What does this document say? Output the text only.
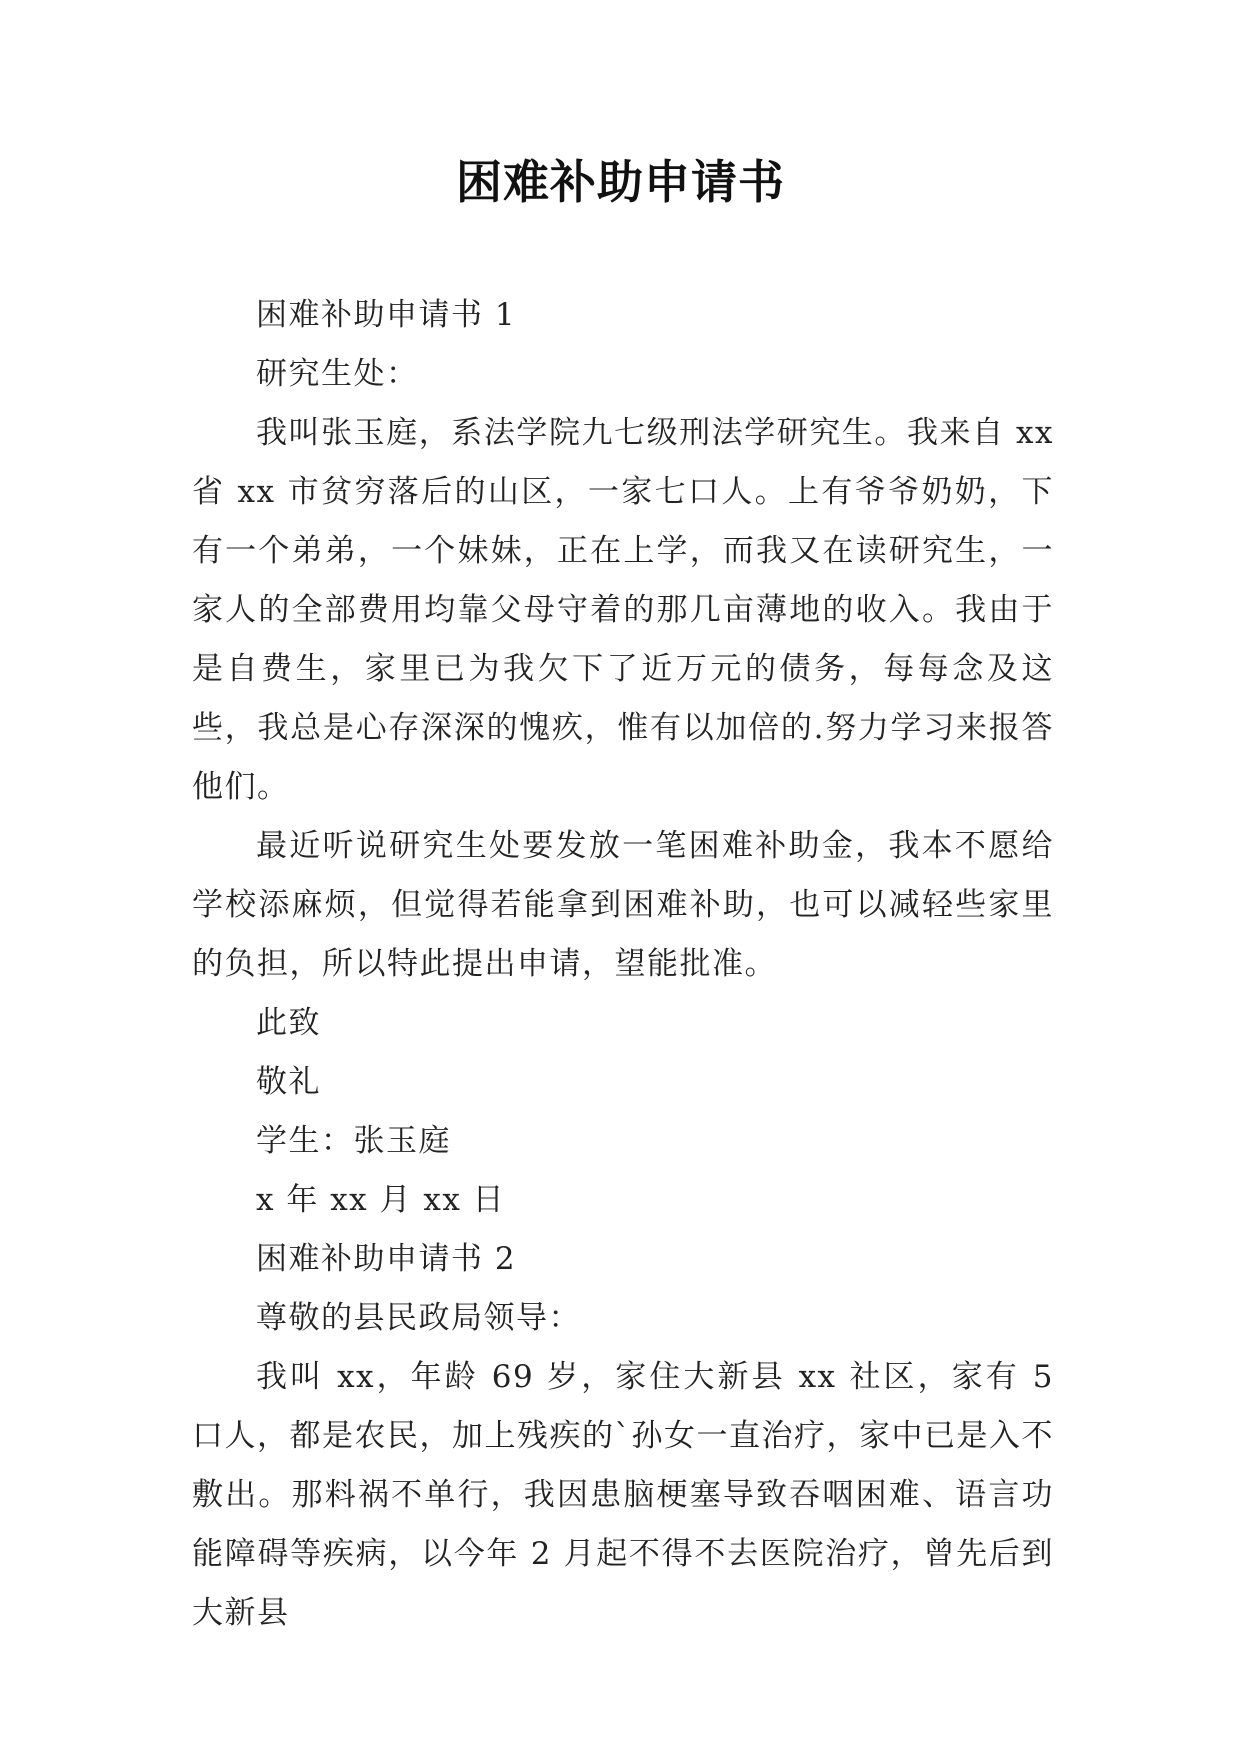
困难补助申请书

困难补助申请书 1

研究生处：

我叫张玉庭，系法学院九七级刑法学研究生。我来自 xx 省 xx 市贫穷落后的山区，一家七口人。上有爷爷奶奶，下有一个弟弟，一个妹妹，正在上学，而我又在读研究生，一家人的全部费用均靠父母守着的那几亩薄地的收入。我由于是自费生，家里已为我欠下了近万元的债务，每每念及这些，我总是心存深深的愧疚，惟有以加倍的.努力学习来报答他们。

最近听说研究生处要发放一笔困难补助金，我本不愿给学校添麻烦，但觉得若能拿到困难补助，也可以减轻些家里的负担，所以特此提出申请，望能批准。

此致

敬礼

学生：张玉庭

x 年 xx 月 xx 日

困难补助申请书 2

尊敬的县民政局领导：

我叫 xx，年龄 69 岁，家住大新县 xx 社区，家有 5 口人，都是农民，加上残疾的`孙女一直治疗，家中已是入不敷出。那料祸不单行，我因患脑梗塞导致吞咽困难、语言功能障碍等疾病，以今年 2 月起不得不去医院治疗，曾先后到大新县
